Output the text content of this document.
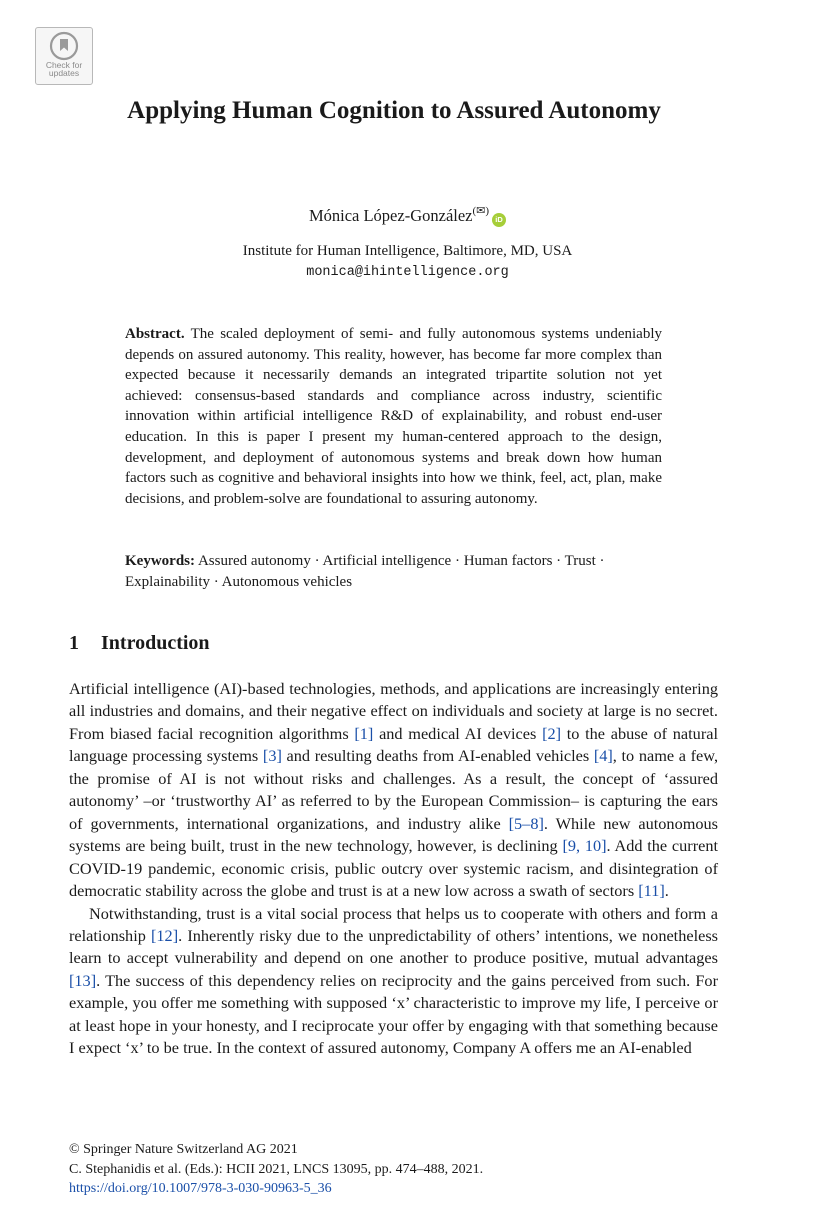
Check for
updates
Applying Human Cognition to Assured Autonomy
Mónica López-González(✉)iD
Institute for Human Intelligence, Baltimore, MD, USA
monica@ihintelligence.org

Abstract. The scaled deployment of semi- and fully autonomous systems undeniably depends on assured autonomy. This reality, however, has become far more complex than expected because it necessarily demands an integrated tripartite solution not yet achieved: consensus-based standards and compliance across industry, scientific innovation within artificial intelligence R&D of explainability, and robust end-user education. In this is paper I present my human-centered approach to the design, development, and deployment of autonomous systems and break down how human factors such as cognitive and behavioral insights into how we think, feel, act, plan, make decisions, and problem-solve are foundational to assuring autonomy.

Keywords: Assured autonomy · Artificial intelligence · Human factors · Trust · Explainability · Autonomous vehicles

1 Introduction

Artificial intelligence (AI)-based technologies, methods, and applications are increasingly entering all industries and domains, and their negative effect on individuals and society at large is no secret. From biased facial recognition algorithms [1] and medical AI devices [2] to the abuse of natural language processing systems [3] and resulting deaths from AI-enabled vehicles [4], to name a few, the promise of AI is not without risks and challenges. As a result, the concept of ‘assured autonomy’ –or ‘trustworthy AI’ as referred to by the European Commission– is capturing the ears of governments, international organizations, and industry alike [5–8]. While new autonomous systems are being built, trust in the new technology, however, is declining [9, 10]. Add the current COVID-19 pandemic, economic crisis, public outcry over systemic racism, and disintegration of democratic stability across the globe and trust is at a new low across a swath of sectors [11].

Notwithstanding, trust is a vital social process that helps us to cooperate with others and form a relationship [12]. Inherently risky due to the unpredictability of others’ intentions, we nonetheless learn to accept vulnerability and depend on one another to produce positive, mutual advantages [13]. The success of this dependency relies on reciprocity and the gains perceived from such. For example, you offer me something with supposed ‘x’ characteristic to improve my life, I perceive or at least hope in your honesty, and I reciprocate your offer by engaging with that something because I expect ‘x’ to be true. In the context of assured autonomy, Company A offers me an AI-enabled

© Springer Nature Switzerland AG 2021
C. Stephanidis et al. (Eds.): HCII 2021, LNCS 13095, pp. 474–488, 2021.
https://doi.org/10.1007/978-3-030-90963-5_36
